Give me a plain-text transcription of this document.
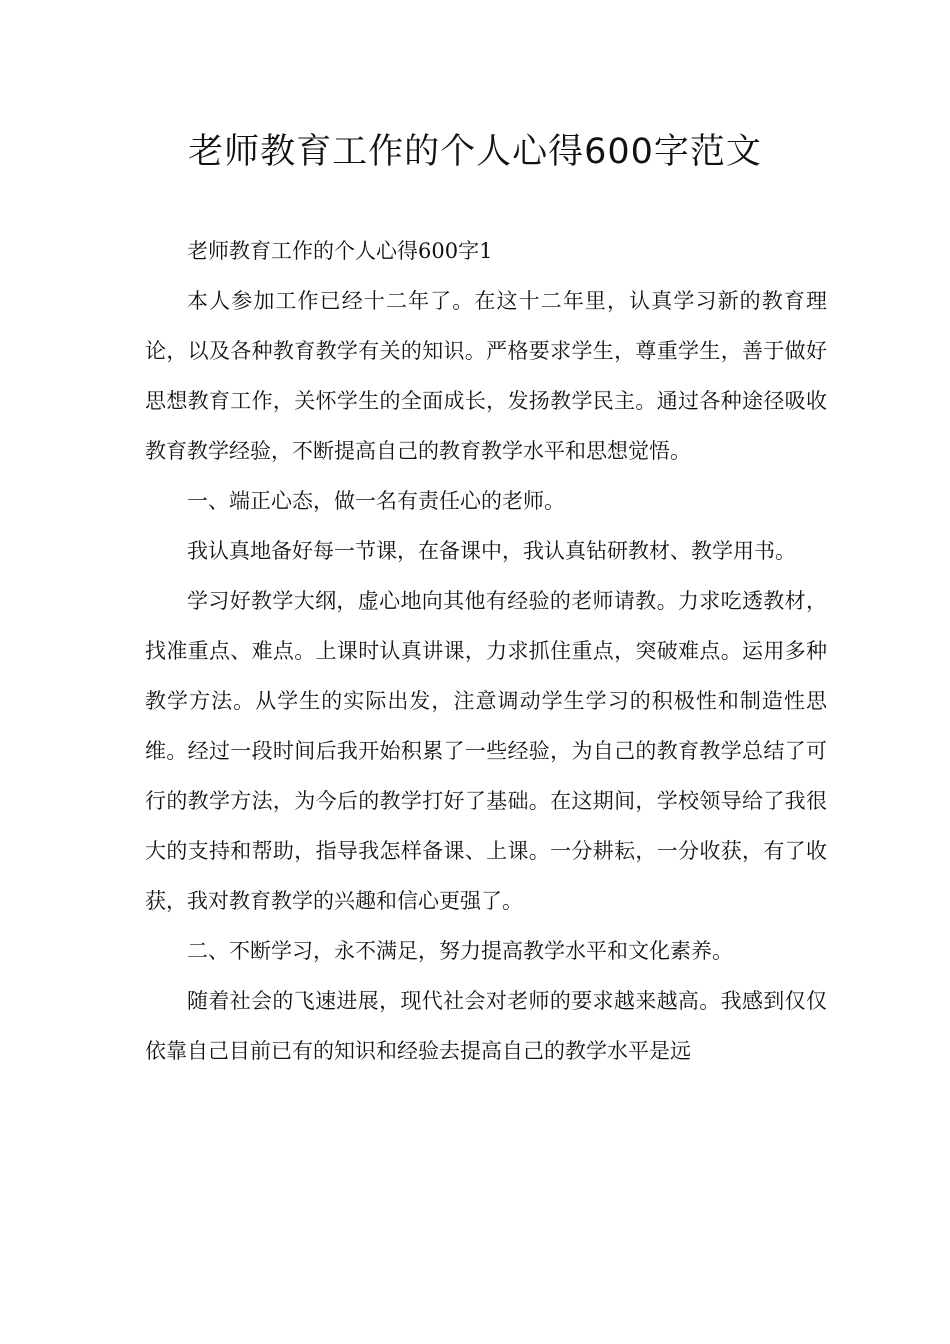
老师教育工作的个人心得600字范文

老师教育工作的个人心得600字1

本人参加工作已经十二年了。在这十二年里，认真学习新的教育理论，以及各种教育教学有关的知识。严格要求学生，尊重学生，善于做好思想教育工作，关怀学生的全面成长，发扬教学民主。通过各种途径吸收教育教学经验，不断提高自己的教育教学水平和思想觉悟。

一、端正心态，做一名有责任心的老师。

我认真地备好每一节课，在备课中，我认真钻研教材、教学用书。

学习好教学大纲，虚心地向其他有经验的老师请教。力求吃透教材，找准重点、难点。上课时认真讲课，力求抓住重点，突破难点。运用多种教学方法。从学生的实际出发，注意调动学生学习的积极性和制造性思维。经过一段时间后我开始积累了一些经验，为自己的教育教学总结了可行的教学方法，为今后的教学打好了基础。在这期间，学校领导给了我很大的支持和帮助，指导我怎样备课、上课。一分耕耘，一分收获，有了收获，我对教育教学的兴趣和信心更强了。

二、不断学习，永不满足，努力提高教学水平和文化素养。

随着社会的飞速进展，现代社会对老师的要求越来越高。我感到仅仅依靠自己目前已有的知识和经验去提高自己的教学水平是远
